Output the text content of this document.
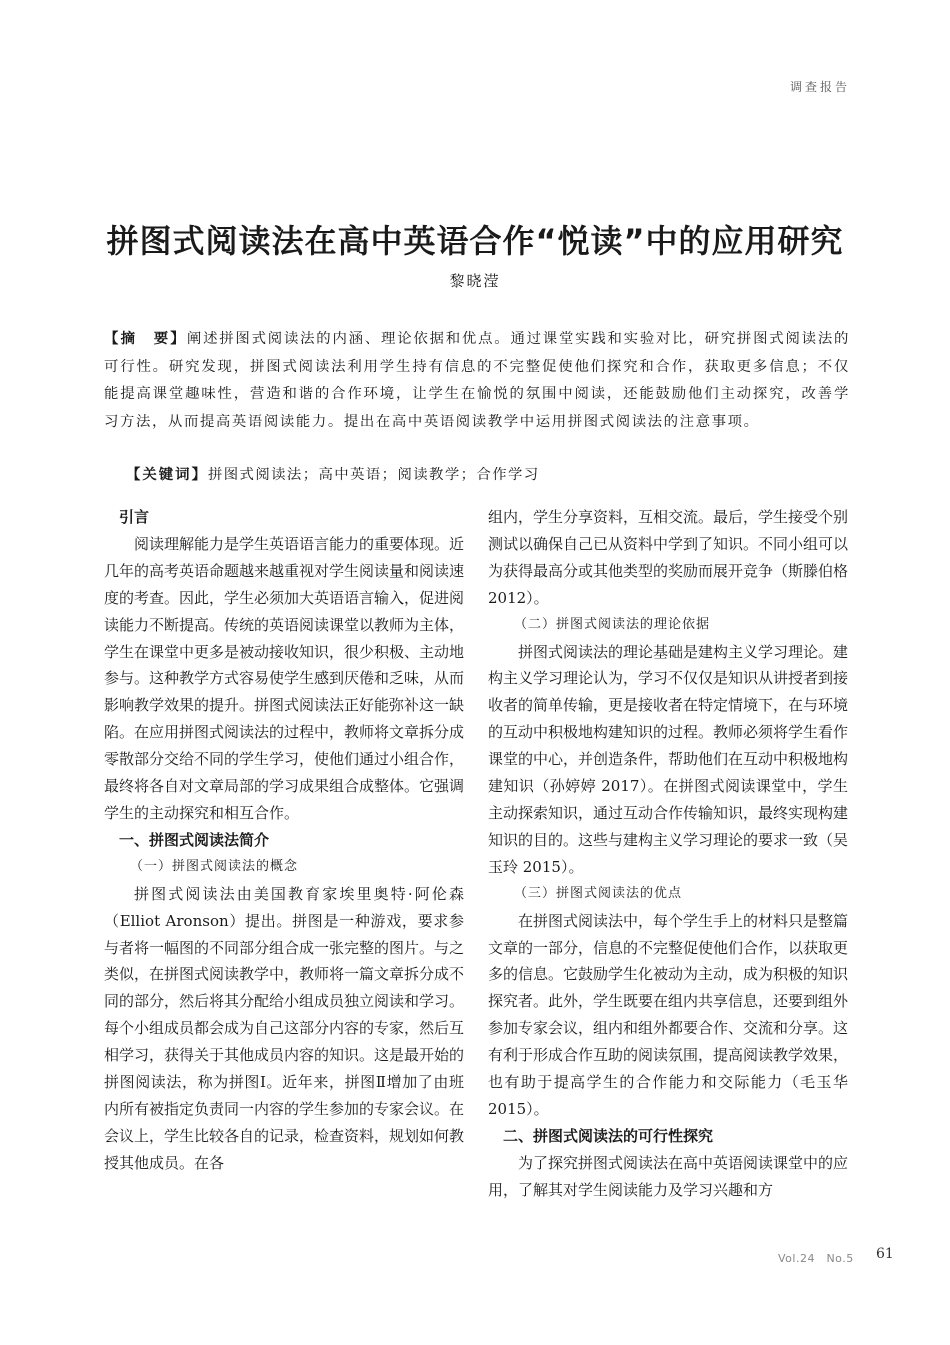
调查报告
拼图式阅读法在高中英语合作“悦读”中的应用研究
黎晓滢

【摘　要】阐述拼图式阅读法的内涵、理论依据和优点。通过课堂实践和实验对比，研究拼图式阅读法的可行性。研究发现，拼图式阅读法利用学生持有信息的不完整促使他们探究和合作，获取更多信息；不仅能提高课堂趣味性，营造和谐的合作环境，让学生在愉悦的氛围中阅读，还能鼓励他们主动探究，改善学习方法，从而提高英语阅读能力。提出在高中英语阅读教学中运用拼图式阅读法的注意事项。

【关键词】拼图式阅读法；高中英语；阅读教学；合作学习

引言

阅读理解能力是学生英语语言能力的重要体现。近几年的高考英语命题越来越重视对学生阅读量和阅读速度的考查。因此，学生必须加大英语语言输入，促进阅读能力不断提高。传统的英语阅读课堂以教师为主体，学生在课堂中更多是被动接收知识，很少积极、主动地参与。这种教学方式容易使学生感到厌倦和乏味，从而影响教学效果的提升。拼图式阅读法正好能弥补这一缺陷。在应用拼图式阅读法的过程中，教师将文章拆分成零散部分交给不同的学生学习，使他们通过小组合作，最终将各自对文章局部的学习成果组合成整体。它强调学生的主动探究和相互合作。

一、拼图式阅读法简介
（一）拼图式阅读法的概念

拼图式阅读法由美国教育家埃里奥特·阿伦森（Elliot Aronson）提出。拼图是一种游戏，要求参与者将一幅图的不同部分组合成一张完整的图片。与之类似，在拼图式阅读教学中，教师将一篇文章拆分成不同的部分，然后将其分配给小组成员独立阅读和学习。每个小组成员都会成为自己这部分内容的专家，然后互相学习，获得关于其他成员内容的知识。这是最开始的拼图阅读法，称为拼图Ⅰ。近年来，拼图Ⅱ增加了由班内所有被指定负责同一内容的学生参加的专家会议。在会议上，学生比较各自的记录，检查资料，规划如何教授其他成员。在各

组内，学生分享资料，互相交流。最后，学生接受个别测试以确保自己已从资料中学到了知识。不同小组可以为获得最高分或其他类型的奖励而展开竞争（斯滕伯格 2012）。

（二）拼图式阅读法的理论依据

拼图式阅读法的理论基础是建构主义学习理论。建构主义学习理论认为，学习不仅仅是知识从讲授者到接收者的简单传输，更是接收者在特定情境下，在与环境的互动中积极地构建知识的过程。教师必须将学生看作课堂的中心，并创造条件，帮助他们在互动中积极地构建知识（孙婷婷 2017）。在拼图式阅读课堂中，学生主动探索知识，通过互动合作传输知识，最终实现构建知识的目的。这些与建构主义学习理论的要求一致（吴玉玲 2015）。

（三）拼图式阅读法的优点

在拼图式阅读法中，每个学生手上的材料只是整篇文章的一部分，信息的不完整促使他们合作，以获取更多的信息。它鼓励学生化被动为主动，成为积极的知识探究者。此外，学生既要在组内共享信息，还要到组外参加专家会议，组内和组外都要合作、交流和分享。这有利于形成合作互助的阅读氛围，提高阅读教学效果，也有助于提高学生的合作能力和交际能力（毛玉华 2015）。

二、拼图式阅读法的可行性探究

为了探究拼图式阅读法在高中英语阅读课堂中的应用，了解其对学生阅读能力及学习兴趣和方

Vol.24　No.5 61
